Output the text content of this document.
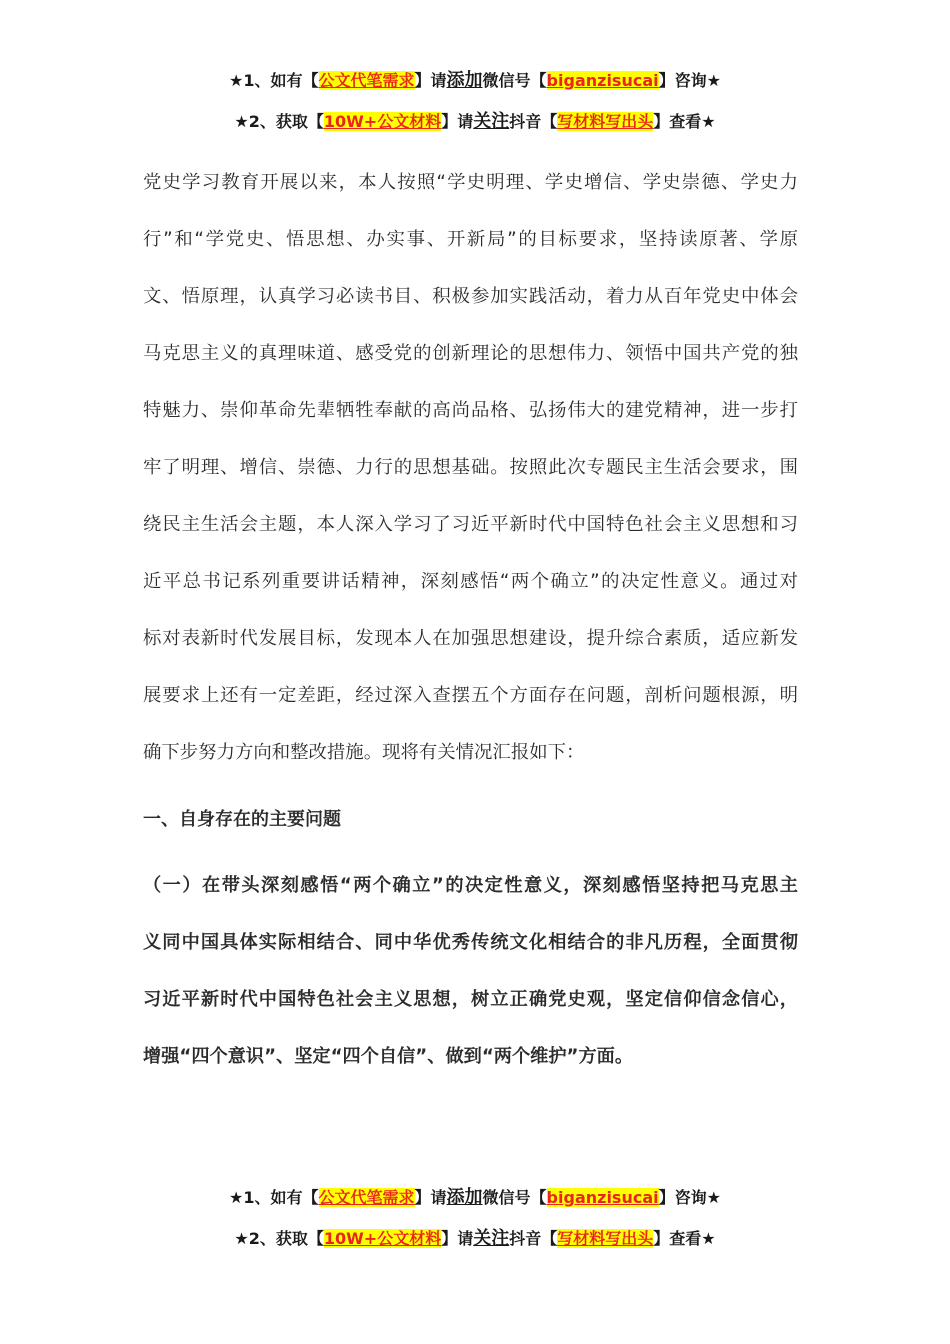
★1、如有【公文代笔需求】请添加微信号【biganzisucai】咨询★
★2、获取【10W+公文材料】请关注抖音【写材料写出头】查看★
党史学习教育开展以来，本人按照“学史明理、学史增信、学史崇德、学史力
行”和“学党史、悟思想、办实事、开新局”的目标要求，坚持读原著、学原
文、悟原理，认真学习必读书目、积极参加实践活动，着力从百年党史中体会
马克思主义的真理味道、感受党的创新理论的思想伟力、领悟中国共产党的独
特魅力、崇仰革命先辈牺牲奉献的高尚品格、弘扬伟大的建党精神，进一步打
牢了明理、增信、崇德、力行的思想基础。按照此次专题民主生活会要求，围
绕民主生活会主题，本人深入学习了习近平新时代中国特色社会主义思想和习
近平总书记系列重要讲话精神，深刻感悟“两个确立”的决定性意义。通过对
标对表新时代发展目标，发现本人在加强思想建设，提升综合素质，适应新发
展要求上还有一定差距，经过深入查摆五个方面存在问题，剖析问题根源，明
确下步努力方向和整改措施。现将有关情况汇报如下：
一、自身存在的主要问题
（一）在带头深刻感悟“两个确立”的决定性意义，深刻感悟坚持把马克思主
义同中国具体实际相结合、同中华优秀传统文化相结合的非凡历程，全面贯彻
习近平新时代中国特色社会主义思想，树立正确党史观，坚定信仰信念信心，
增强“四个意识”、坚定“四个自信”、做到“两个维护”方面。
★1、如有【公文代笔需求】请添加微信号【biganzisucai】咨询★
★2、获取【10W+公文材料】请关注抖音【写材料写出头】查看★
